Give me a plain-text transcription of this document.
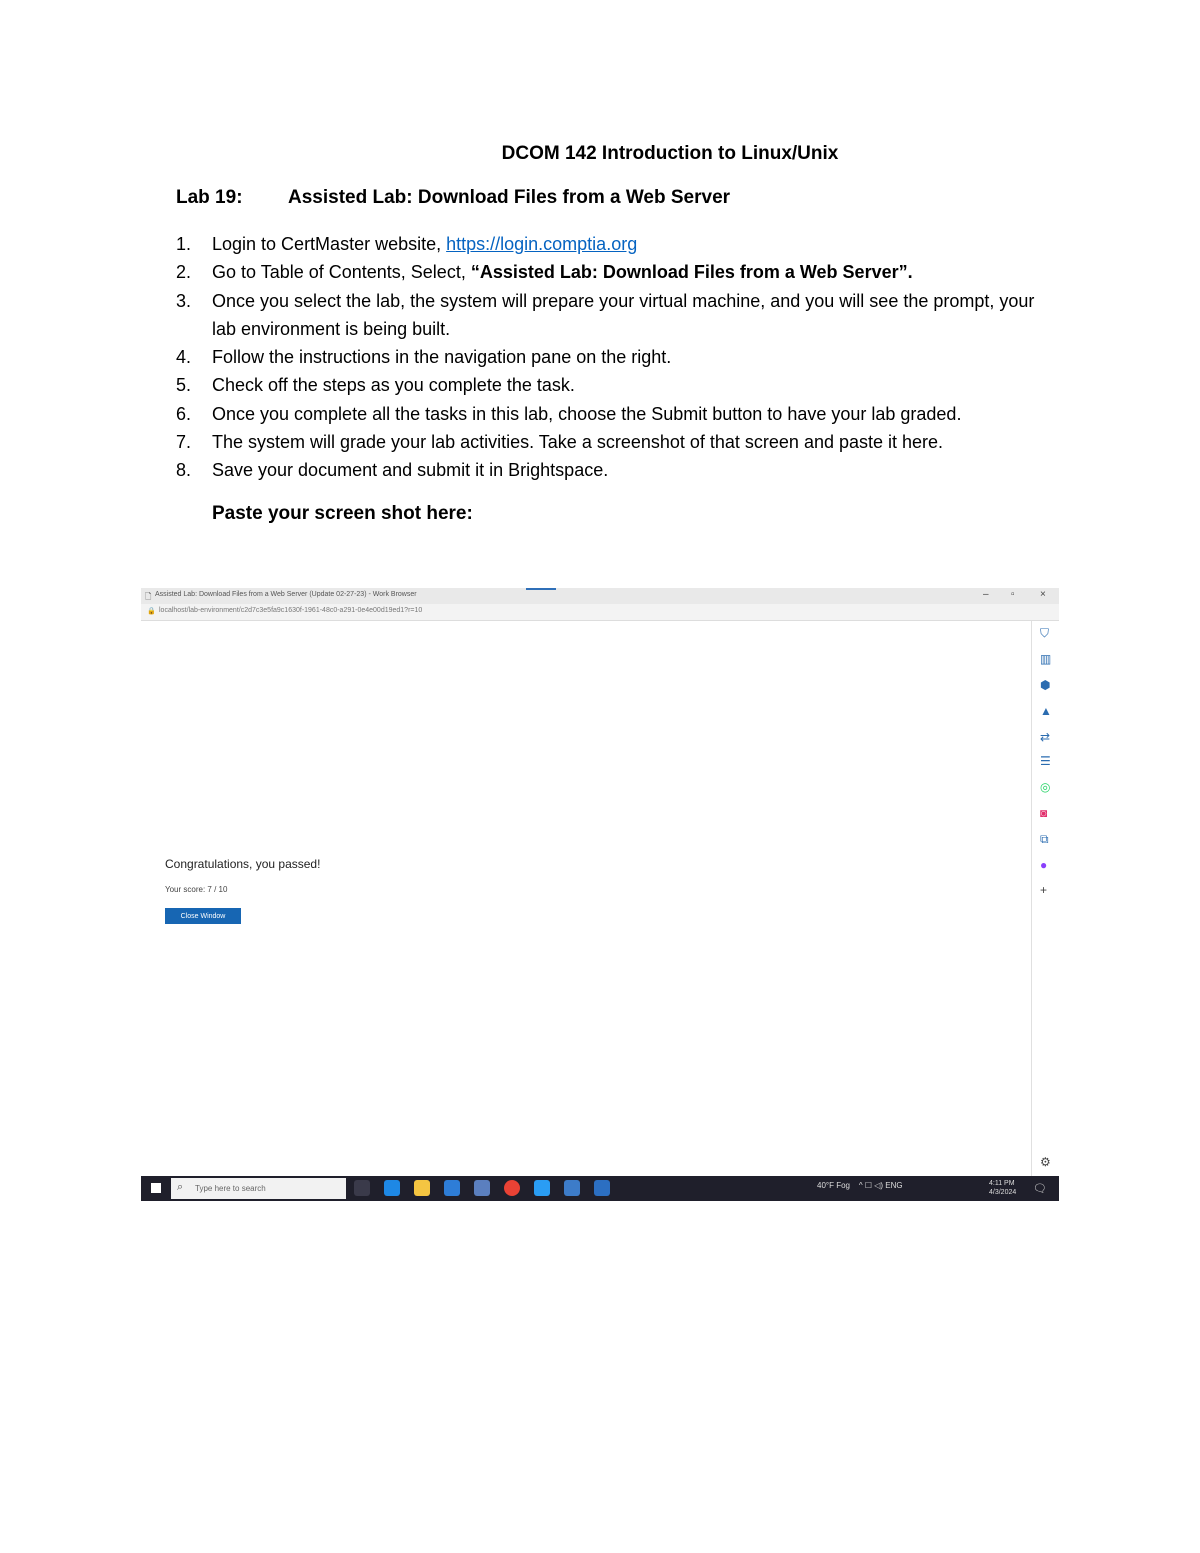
DCOM 142 Introduction to Linux/Unix
Lab 19: Assisted Lab: Download Files from a Web Server
1. Login to CertMaster website, https://login.comptia.org
2. Go to Table of Contents, Select, “Assisted Lab: Download Files from a Web Server”.
3. Once you select the lab, the system will prepare your virtual machine, and you will see the prompt, your lab environment is being built.
4. Follow the instructions in the navigation pane on the right.
5. Check off the steps as you complete the task.
6. Once you complete all the tasks in this lab, choose the Submit button to have your lab graded.
7. The system will grade your lab activities. Take a screenshot of that screen and paste it here.
8. Save your document and submit it in Brightspace.
Paste your screen shot here:
🗋 Assisted Lab: Download Files from a Web Server (Update 02-27-23) - Work Browser	– ▫	×
🔒 localhost/lab-environment/c2d7c3e5fa9c1630f-1961-48c0-a291-0e4e00d19ed1?r=10
⛉
▥
⬢
▲
⇄
☰
◎
◙
⧉
●
+
⚙
Congratulations, you passed!
Your score: 7 / 10
Close Window
⌕ Type here to search	40°F Fog ^ ☐ ◁) ENG	4:11 PM
4/3/2024 🗨
